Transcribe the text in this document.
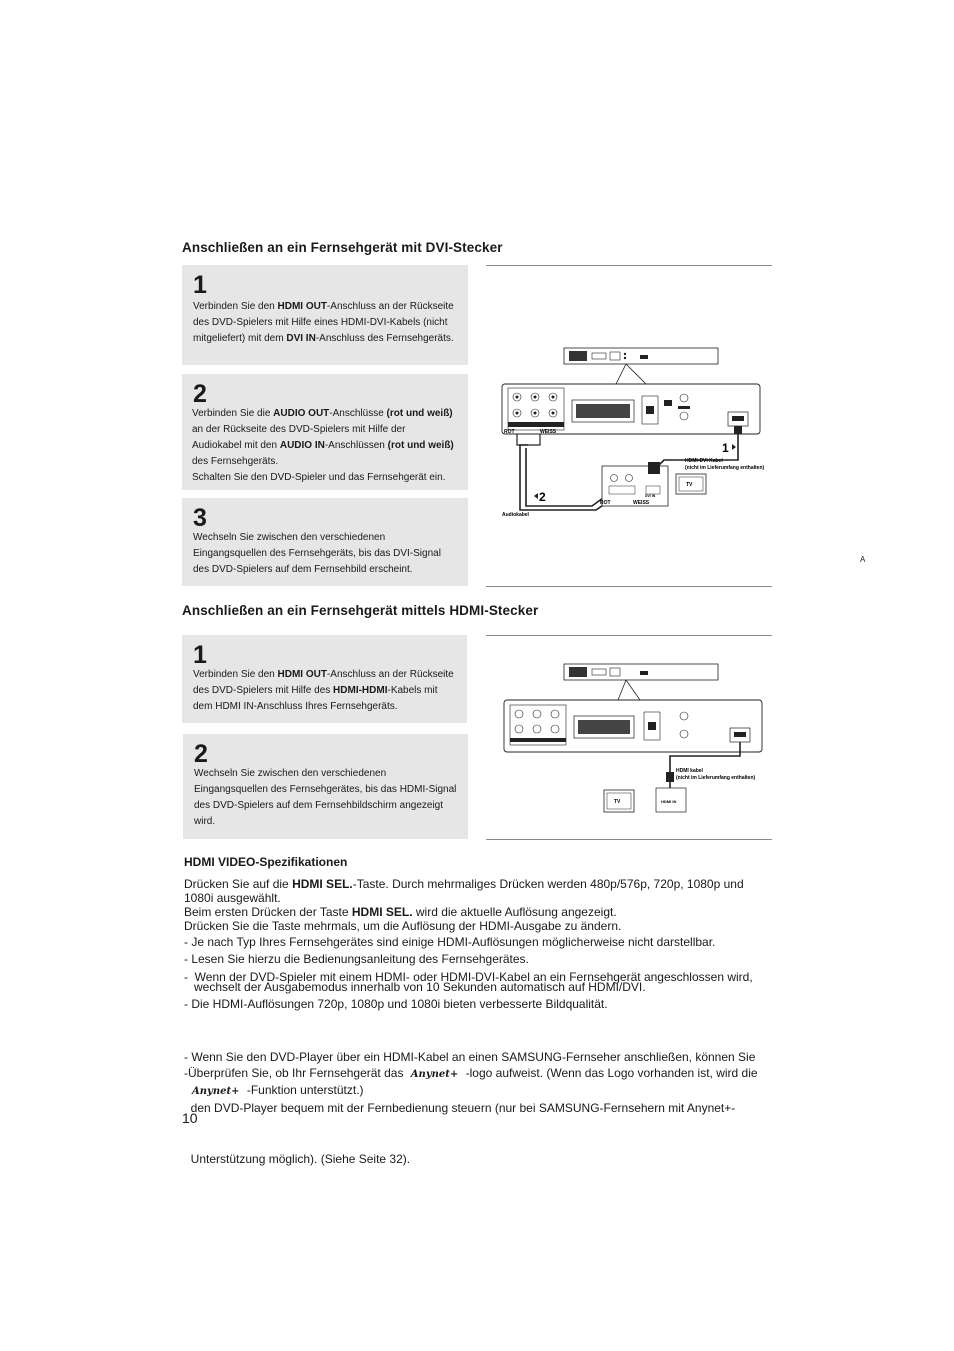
Anschließen an ein Fernsehgerät mit DVI-Stecker
1
Verbinden Sie den HDMI OUT-Anschluss an der Rückseite
des DVD-Spielers mit Hilfe eines HDMI-DVI-Kabels (nicht
mitgeliefert) mit dem DVI IN-Anschluss des Fernsehgeräts.
2
Verbinden Sie die AUDIO OUT-Anschlüsse (rot und weiß)
an der Rückseite des DVD-Spielers mit Hilfe der
Audiokabel mit den AUDIO IN-Anschlüssen (rot und weiß)
des Fernsehgeräts.
Schalten Sie den DVD-Spieler und das Fernsehgerät ein.
3
Wechseln Sie zwischen den verschiedenen
Eingangsquellen des Fernsehgeräts, bis das DVI-Signal
des DVD-Spielers auf dem Fernsehbild erscheint.
ROT	WEISS
DVI IN
ROT	WEISS
TV
HDMI-DVI Kabel
(nicht im Lieferumfang enthalten)
Audiokabel
1
2
A
Anschließen an ein Fernsehgerät mittels HDMI-Stecker
1
Verbinden Sie den HDMI OUT-Anschluss an der Rückseite
des DVD-Spielers mit Hilfe des HDMI-HDMI-Kabels mit
dem HDMI IN-Anschluss Ihres Fernsehgeräts.
2
Wechseln Sie zwischen den verschiedenen
Eingangsquellen des Fernsehgerätes, bis das HDMI-Signal
des DVD-Spielers auf dem Fernsehbildschirm angezeigt
wird.
HDMI kabel
(nicht im Lieferumfang enthalten)
TV	HDMI IN
HDMI VIDEO-Spezifikationen
Drücken Sie auf die HDMI SEL.-Taste. Durch mehrmaliges Drücken werden 480p/576p, 720p, 1080p und
1080i ausgewählt.
Beim ersten Drücken der Taste HDMI SEL. wird die aktuelle Auflösung angezeigt.
Drücken Sie die Taste mehrmals, um die Auflösung der HDMI-Ausgabe zu ändern.
- Je nach Typ Ihres Fernsehgerätes sind einige HDMI-Auflösungen möglicherweise nicht darstellbar.
- Lesen Sie hierzu die Bedienungsanleitung des Fernsehgerätes.
-  Wenn der DVD-Spieler mit einem HDMI- oder HDMI-DVI-Kabel an ein Fernsehgerät angeschlossen wird,
wechselt der Ausgabemodus innerhalb von 10 Sekunden automatisch auf HDMI/DVI.
- Die HDMI-Auflösungen 720p, 1080p und 1080i bieten verbesserte Bildqualität.

- Wenn Sie den DVD-Player über ein HDMI-Kabel an einen SAMSUNG-Fernseher anschließen, können Sie

den DVD-Player bequem mit der Fernbedienung steuern (nur bei SAMSUNG-Fernsehern mit Anynet+-

Unterstützung möglich). (Siehe Seite 32).

-Überprüfen Sie, ob Ihr Fernsehgerät das Anynet+ -logo aufweist. (Wenn das Logo vorhanden ist, wird die
Anynet+ -Funktion unterstützt.)
10
